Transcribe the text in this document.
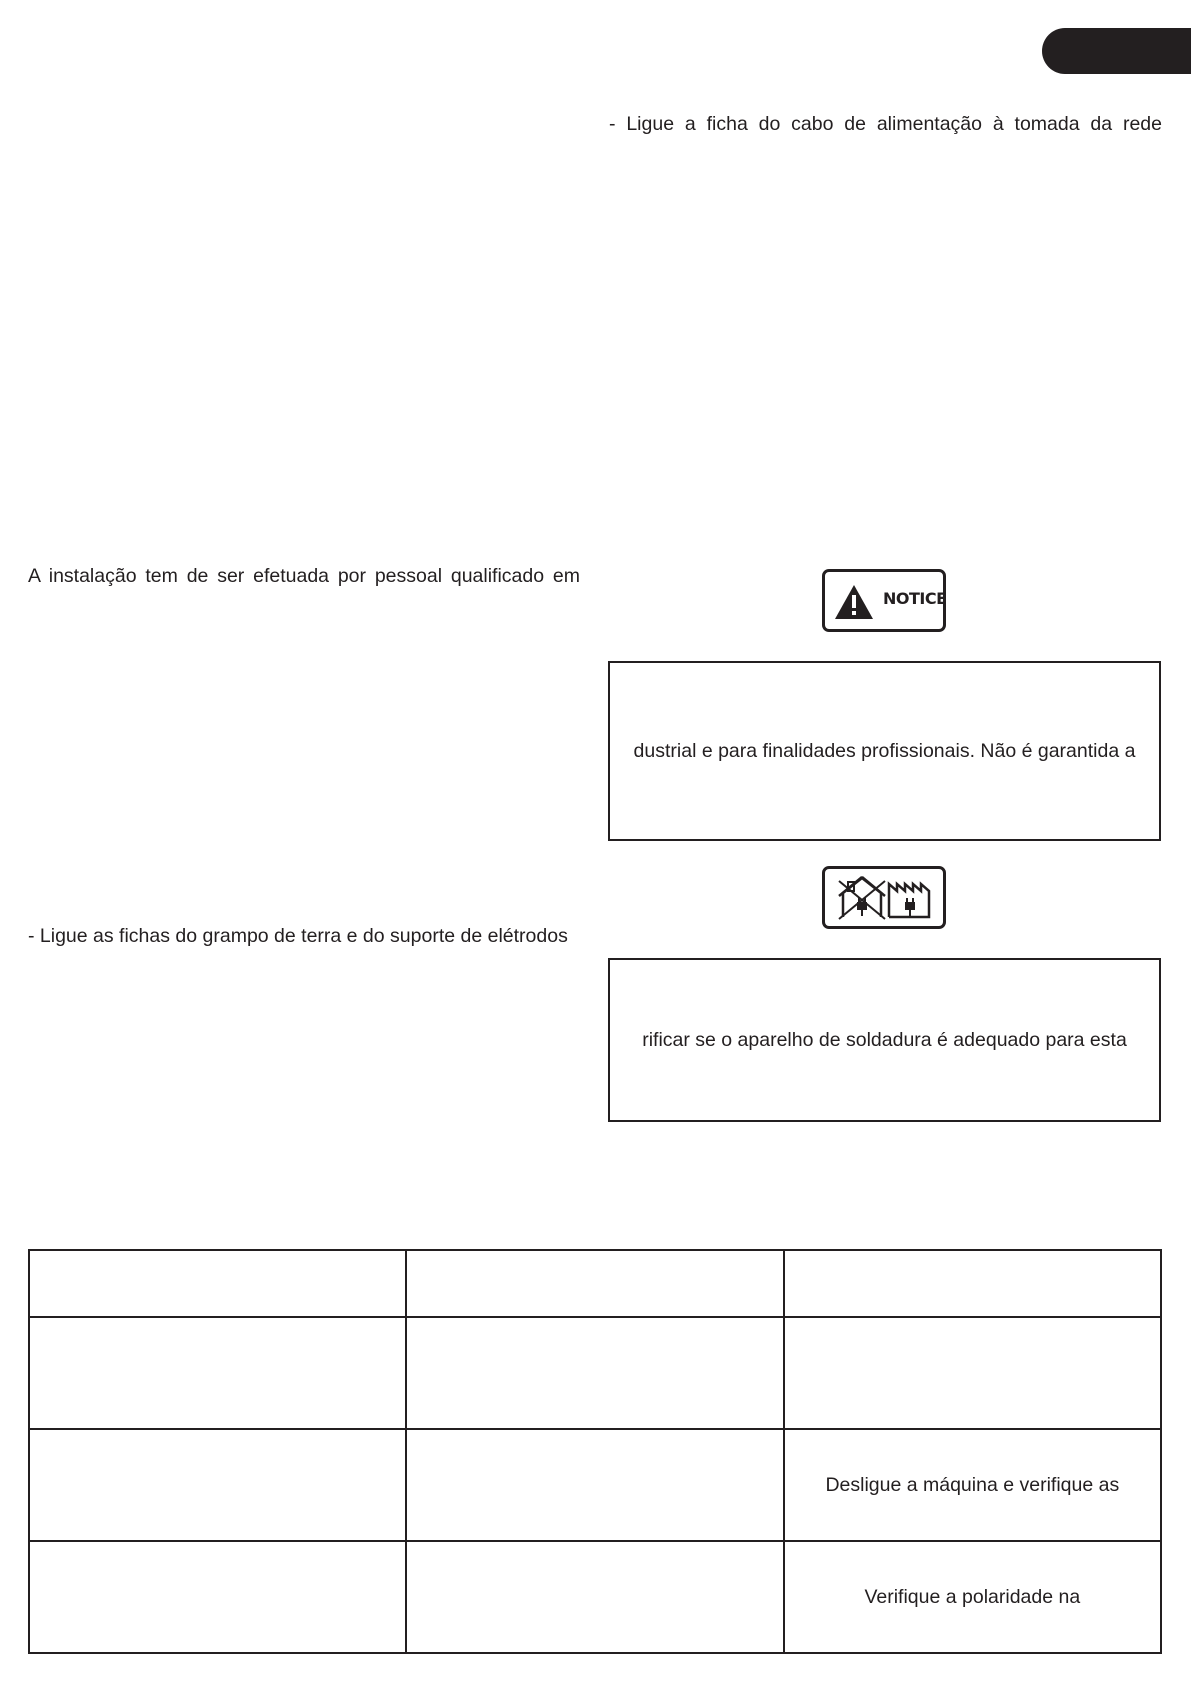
- Ligue a ficha do cabo de alimentação à tomada da rede
A instalação tem de ser efetuada por pessoal qualificado em
- Ligue as fichas do grampo de terra e do suporte de elétrodos
NOTICE
dustrial e para finalidades profissionais. Não é garantida a
rificar se o aparelho de soldadura é adequado para esta

		Desligue a máquina e verifique as
		Verifique a polaridade na
